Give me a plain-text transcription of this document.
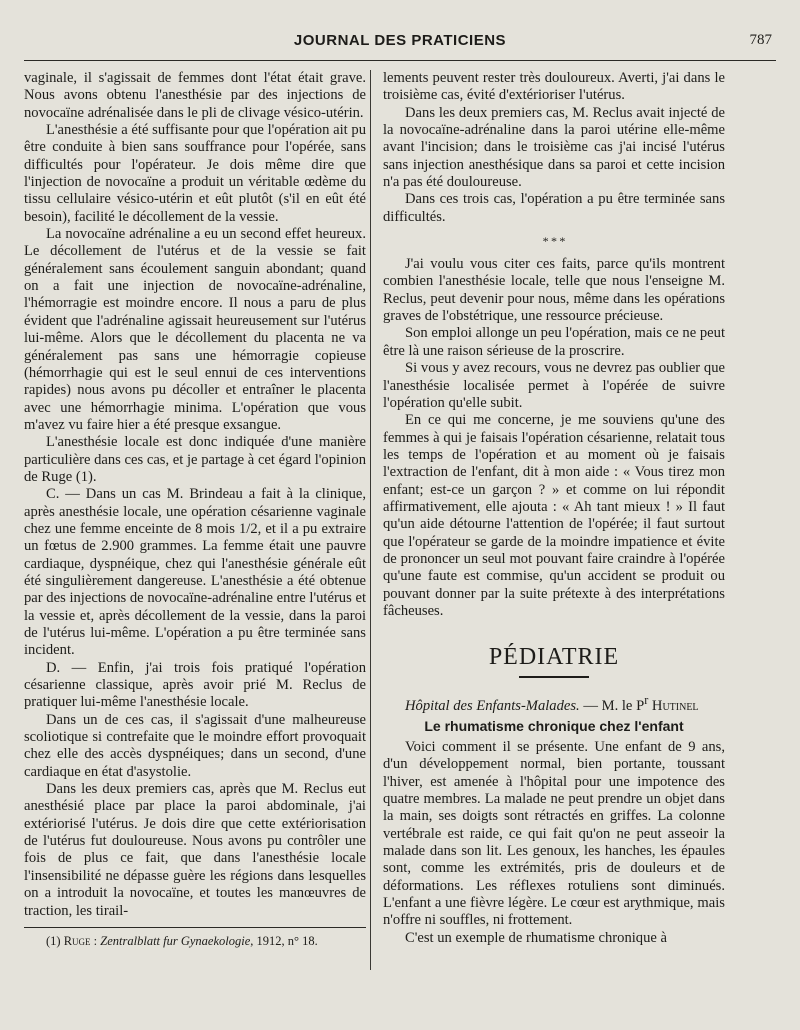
JOURNAL DES PRATICIENS	787

vaginale, il s'agissait de femmes dont l'état était grave. Nous avons obtenu l'anesthésie par des injections de novocaïne adrénalisée dans le pli de clivage vésico-utérin.

L'anesthésie a été suffisante pour que l'opération ait pu être conduite à bien sans souffrance pour l'opérée, sans difficultés pour l'opérateur. Je dois même dire que l'injection de novocaïne a produit un véritable œdème du tissu cellulaire vésico-utérin et eût plutôt (s'il en eût été besoin), facilité le décollement de la vessie.

La novocaïne adrénaline a eu un second effet heureux. Le décollement de l'utérus et de la vessie se fait généralement sans écoulement sanguin abondant; quand on a fait une injection de novocaïne-adrénaline, l'hémorragie est moindre encore. Il nous a paru de plus évident que l'adrénaline agissait heureusement sur l'utérus lui-même. Alors que le décollement du placenta ne va généralement pas sans une hémorragie copieuse (hémorrhagie qui est le seul ennui de ces interventions rapides) nous avons pu décoller et entraîner le placenta avec une hémorrhagie minima. L'opération que vous m'avez vu faire hier a été presque exsangue.

L'anesthésie locale est donc indiquée d'une manière particulière dans ces cas, et je partage à cet égard l'opinion de Ruge (1).

C. — Dans un cas M. Brindeau a fait à la clinique, après anesthésie locale, une opération césarienne vaginale chez une femme enceinte de 8 mois 1/2, et il a pu extraire un fœtus de 2.900 grammes. La femme était une pauvre cardiaque, dyspnéique, chez qui l'anesthésie générale eût été singulièrement dangereuse. L'anesthésie a été obtenue par des injections de novocaïne-adrénaline entre l'utérus et la vessie et, après décollement de la vessie, dans la paroi de l'utérus lui-même. L'opération a pu être terminée sans incident.

D. — Enfin, j'ai trois fois pratiqué l'opération césarienne classique, après avoir prié M. Reclus de pratiquer lui-même l'anesthésie locale.

Dans un de ces cas, il s'agissait d'une malheureuse scoliotique si contrefaite que le moindre effort provoquait chez elle des accès dyspnéiques; dans un second, d'une cardiaque en état d'asystolie.

Dans les deux premiers cas, après que M. Reclus eut anesthésié place par place la paroi abdominale, j'ai extériorisé l'utérus. Je dois dire que cette extériorisation de l'utérus fut douloureuse. Nous avons pu contrôler une fois de plus ce fait, que dans l'anesthésie locale l'insensibilité ne dépasse guère les régions dans lesquelles on a introduit la novocaïne, et toutes les manœuvres de traction, les tirail-

(1) Ruge : Zentralblatt fur Gynaekologie, 1912, n° 18.

lements peuvent rester très douloureux. Averti, j'ai dans le troisième cas, évité d'extérioriser l'utérus.

Dans les deux premiers cas, M. Reclus avait injecté de la novocaïne-adrénaline dans la paroi utérine elle-même avant l'incision; dans le troisième cas j'ai incisé l'utérus sans injection anesthésique dans sa paroi et cette incision n'a pas été douloureuse.

Dans ces trois cas, l'opération a pu être terminée sans difficultés.

* * *

J'ai voulu vous citer ces faits, parce qu'ils montrent combien l'anesthésie locale, telle que nous l'enseigne M. Reclus, peut devenir pour nous, même dans les opérations graves de l'obstétrique, une ressource précieuse.

Son emploi allonge un peu l'opération, mais ce ne peut être là une raison sérieuse de la proscrire.

Si vous y avez recours, vous ne devrez pas oublier que l'anesthésie localisée permet à l'opérée de suivre l'opération qu'elle subit.

En ce qui me concerne, je me souviens qu'une des femmes à qui je faisais l'opération césarienne, relatait tous les temps de l'opération et au moment où je faisais l'extraction de l'enfant, dit à mon aide : « Vous tirez mon enfant; est-ce un garçon ? » et comme on lui répondit affirmativement, elle ajouta : « Ah tant mieux ! » Il faut qu'un aide détourne l'attention de l'opérée; il faut surtout que l'opérateur se garde de la moindre impatience et évite de prononcer un seul mot pouvant faire craindre à l'opérée qu'une faute est commise, qu'un accident se produit ou pouvant donner par la suite prétexte à des interprétations fâcheuses.

PÉDIATRIE

Hôpital des Enfants-Malades. — M. le $P^r$ Hutinel

Le rhumatisme chronique chez l'enfant

Voici comment il se présente. Une enfant de 9 ans, d'un développement normal, bien portante, toussant l'hiver, est amenée à l'hôpital pour une impotence des quatre membres. La malade ne peut prendre un objet dans la main, ses doigts sont rétractés en griffes. La colonne vertébrale est raide, ce qui fait qu'on ne peut asseoir la malade dans son lit. Les genoux, les hanches, les épaules sont, comme les extrémités, pris de douleurs et de déformations. Les réflexes rotuliens sont diminués. L'enfant a une fièvre légère. Le cœur est arythmique, mais n'offre ni souffles, ni frottement.

C'est un exemple de rhumatisme chronique à
